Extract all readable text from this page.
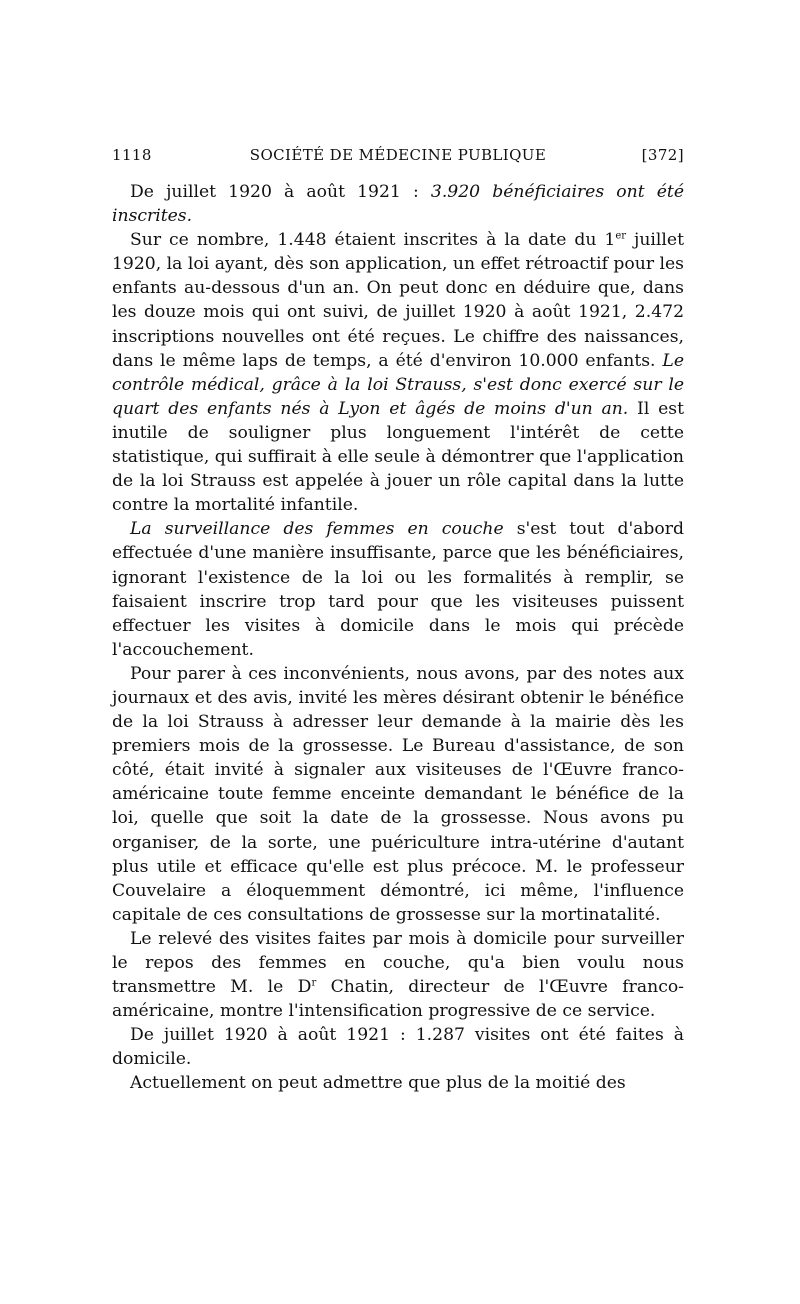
1118	SOCIÉTÉ DE MÉDECINE PUBLIQUE	[372]

De juillet 1920 à août 1921 : 3.920 bénéficiaires ont été inscrites.

Sur ce nombre, 1.448 étaient inscrites à la date du 1er juillet 1920, la loi ayant, dès son application, un effet rétroactif pour les enfants au-dessous d'un an. On peut donc en déduire que, dans les douze mois qui ont suivi, de juillet 1920 à août 1921, 2.472 inscriptions nouvelles ont été reçues. Le chiffre des naissances, dans le même laps de temps, a été d'environ 10.000 enfants. Le contrôle médical, grâce à la loi Strauss, s'est donc exercé sur le quart des enfants nés à Lyon et âgés de moins d'un an. Il est inutile de souligner plus longuement l'intérêt de cette statistique, qui suffirait à elle seule à démontrer que l'application de la loi Strauss est appelée à jouer un rôle capital dans la lutte contre la mortalité infantile.

La surveillance des femmes en couche s'est tout d'abord effectuée d'une manière insuffisante, parce que les bénéficiaires, ignorant l'existence de la loi ou les formalités à remplir, se faisaient inscrire trop tard pour que les visiteuses puissent effectuer les visites à domicile dans le mois qui précède l'accouchement.

Pour parer à ces inconvénients, nous avons, par des notes aux journaux et des avis, invité les mères désirant obtenir le bénéfice de la loi Strauss à adresser leur demande à la mairie dès les premiers mois de la grossesse. Le Bureau d'assistance, de son côté, était invité à signaler aux visiteuses de l'Œuvre franco-américaine toute femme enceinte demandant le bénéfice de la loi, quelle que soit la date de la grossesse. Nous avons pu organiser, de la sorte, une puériculture intra-utérine d'autant plus utile et efficace qu'elle est plus précoce. M. le professeur Couvelaire a éloquemment démontré, ici même, l'influence capitale de ces consultations de grossesse sur la mortinatalité.

Le relevé des visites faites par mois à domicile pour surveiller le repos des femmes en couche, qu'a bien voulu nous transmettre M. le $D^r$ Chatin, directeur de l'Œuvre franco-américaine, montre l'intensification progressive de ce service.

De juillet 1920 à août 1921 : 1.287 visites ont été faites à domicile.

Actuellement on peut admettre que plus de la moitié des
